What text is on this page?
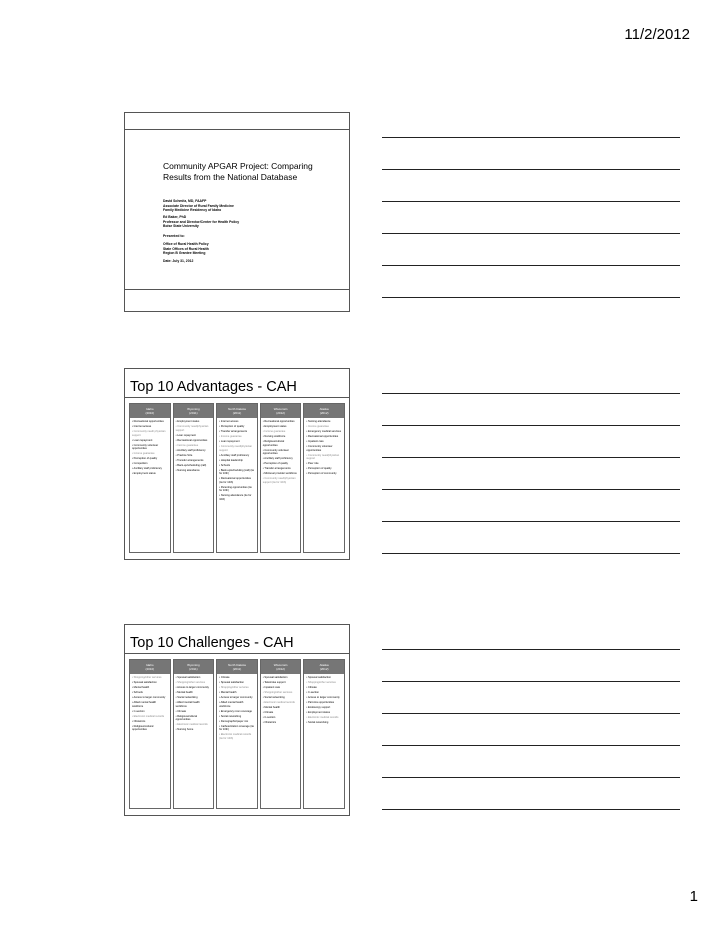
11/2/2012
Community APGAR Project: Comparing
Results from the National Database
David Schmitz, MD, FAAFP
Associate Director of Rural Family Medicine
Family Medicine Residency of Idaho
Ed Baker, PhD
Professor and Director/Center for Health Policy
Boise State University
Presented to:
Office of Rural Health Policy
State Offices of Rural Health
Region B Grantee Meeting
Date: July 31, 2012
Top 10 Advantages - CAH
Idaho
(2010)
• Recreational opportunities
• Internet access
• Community need/ physician support
• Loan repayment
• Community volunteer opportunities
• Income guarantee
• Perception of quality
• Competition
• Ancillary staff proficiency
• Employment status
Wyoming
(2011)
• Employment status
• Community need/physician support
• Loan repayment
• Recreational opportunities
• Income guarantee
• Ancillary staff proficiency
• Practice Size
• Transfer arrangements
• Back-up/scheduling (call)
• Nursing attendance
North Dakota
(2011)
• Internet access
• Perception of quality
• Transfer arrangements
• Income guarantee
• Loan repayment
• Community need/physician support
• Ancillary staff proficiency
• Hospital leadership
• Schools
• Back-up/scheduling (call) (tie for 10th)
• Recreational opportunities (tie for 10th)
• Parenting opportunities (tie for 10th)
• Nursing attendance (tie for 10th)
Wisconsin
(2012)
• Recreational opportunities
• Employment status
• Income guarantee
• Nursing workforce
• Religious/cultural opportunities
• Community volunteer opportunities
• Ancillary staff proficiency
• Perception of quality
• Transfer arrangements
• Mid-level provider workforce
• Community need/physician support (tie for 10th)
Alaska
(2012)
• Nursing attendance
• Income guarantee
• Emergency medical services
• Recreational opportunities
• Inpatient care
• Community volunteer opportunities
• Community need/physician support
• Peer role
• Perception of quality
• Perception of community
Top 10 Challenges - CAH
Idaho
(2010)
• Shopping/other services
• Spousal satisfaction
• Mental health
• Schools
• Access to larger community
• Allied mental health workforce
• C-section
• Electronic medical records
• Obstetrics
• Religious/cultural opportunities
Wyoming
(2011)
• Spousal satisfaction
• Shopping/other services
• Access to larger community
• Mental health
• Social networking
• Allied mental health workforce
• Climate
• Religious/cultural opportunities
• Electronic medical records
• Nursing home
North Dakota
(2011)
• Climate
• Spousal satisfaction
• Shopping/other services
• Mental health
• Access to larger community
• Allied mental health workforce
• Emergency room coverage
• Social networking
• Demographic/payer mix
• Catheterization coverage (tie for 10th)
• Electronic medical records (tie for 10th)
Wisconsin
(2012)
• Spousal satisfaction
• Telestroke support
• Inpatient care
• Shopping/other services
• Social networking
• Electronic medical records
• Mental health
• Climate
• C-section
• Obstetrics
Alaska
(2012)
• Spousal satisfaction
• Shopping/other services
• Climate
• C-section
• Access to larger community
• Part-time opportunities
• Endoscopy support
• Employment status
• Electronic medical records
• Social networking
1
